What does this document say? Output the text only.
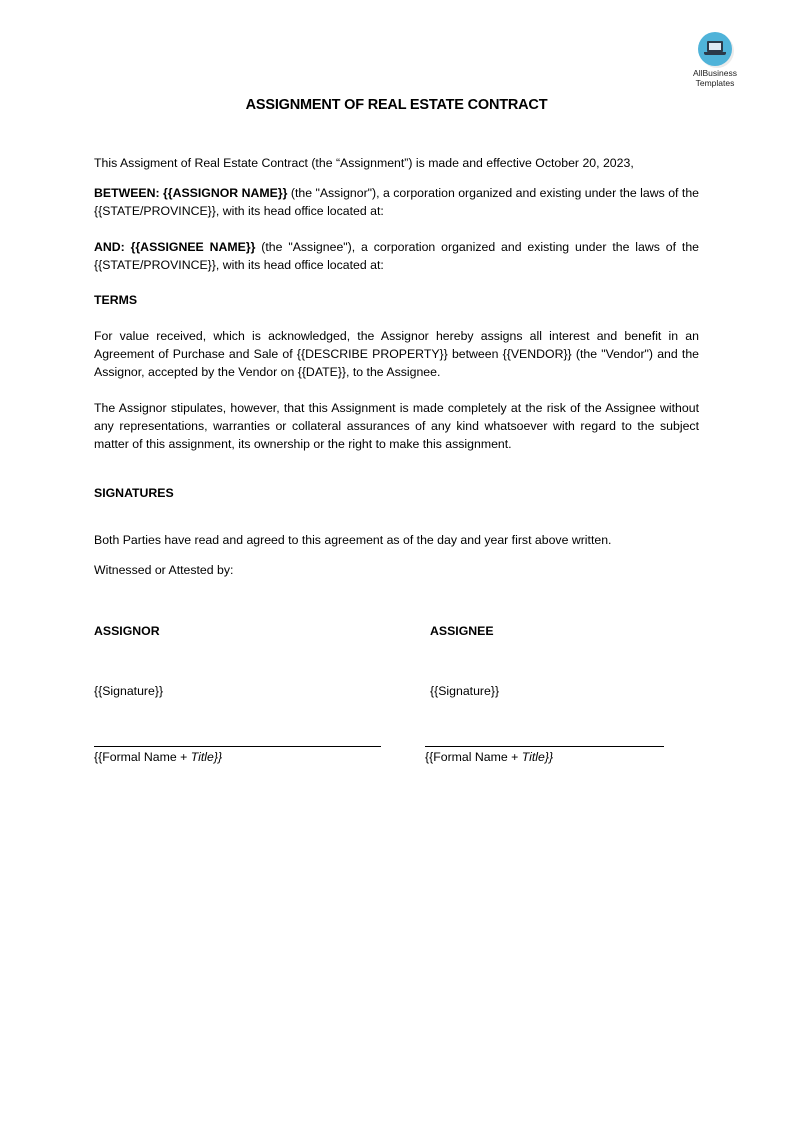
AllBusiness
Templates
ASSIGNMENT OF REAL ESTATE CONTRACT
This Assigment of Real Estate Contract (the “Assignment”) is made and effective October 20, 2023,
BETWEEN: {{ASSIGNOR NAME}} (the "Assignor"), a corporation organized and existing under the laws of the {{STATE/PROVINCE}}, with its head office located at:
AND: {{ASSIGNEE NAME}} (the "Assignee"), a corporation organized and existing under the laws of the {{STATE/PROVINCE}}, with its head office located at:
TERMS
For value received, which is acknowledged, the Assignor hereby assigns all interest and benefit in an Agreement of Purchase and Sale of {{DESCRIBE PROPERTY}} between {{VENDOR}} (the "Vendor") and the Assignor, accepted by the Vendor on {{DATE}}, to the Assignee.
The Assignor stipulates, however, that this Assignment is made completely at the risk of the Assignee without any representations, warranties or collateral assurances of any kind whatsoever with regard to the subject matter of this assignment, its ownership or the right to make this assignment.
SIGNATURES
Both Parties have read and agreed to this agreement as of the day and year first above written.
Witnessed or Attested by:
ASSIGNOR	ASSIGNEE
{{Signature}}	{{Signature}}
{{Formal Name + Title}}	{{Formal Name + Title}}
